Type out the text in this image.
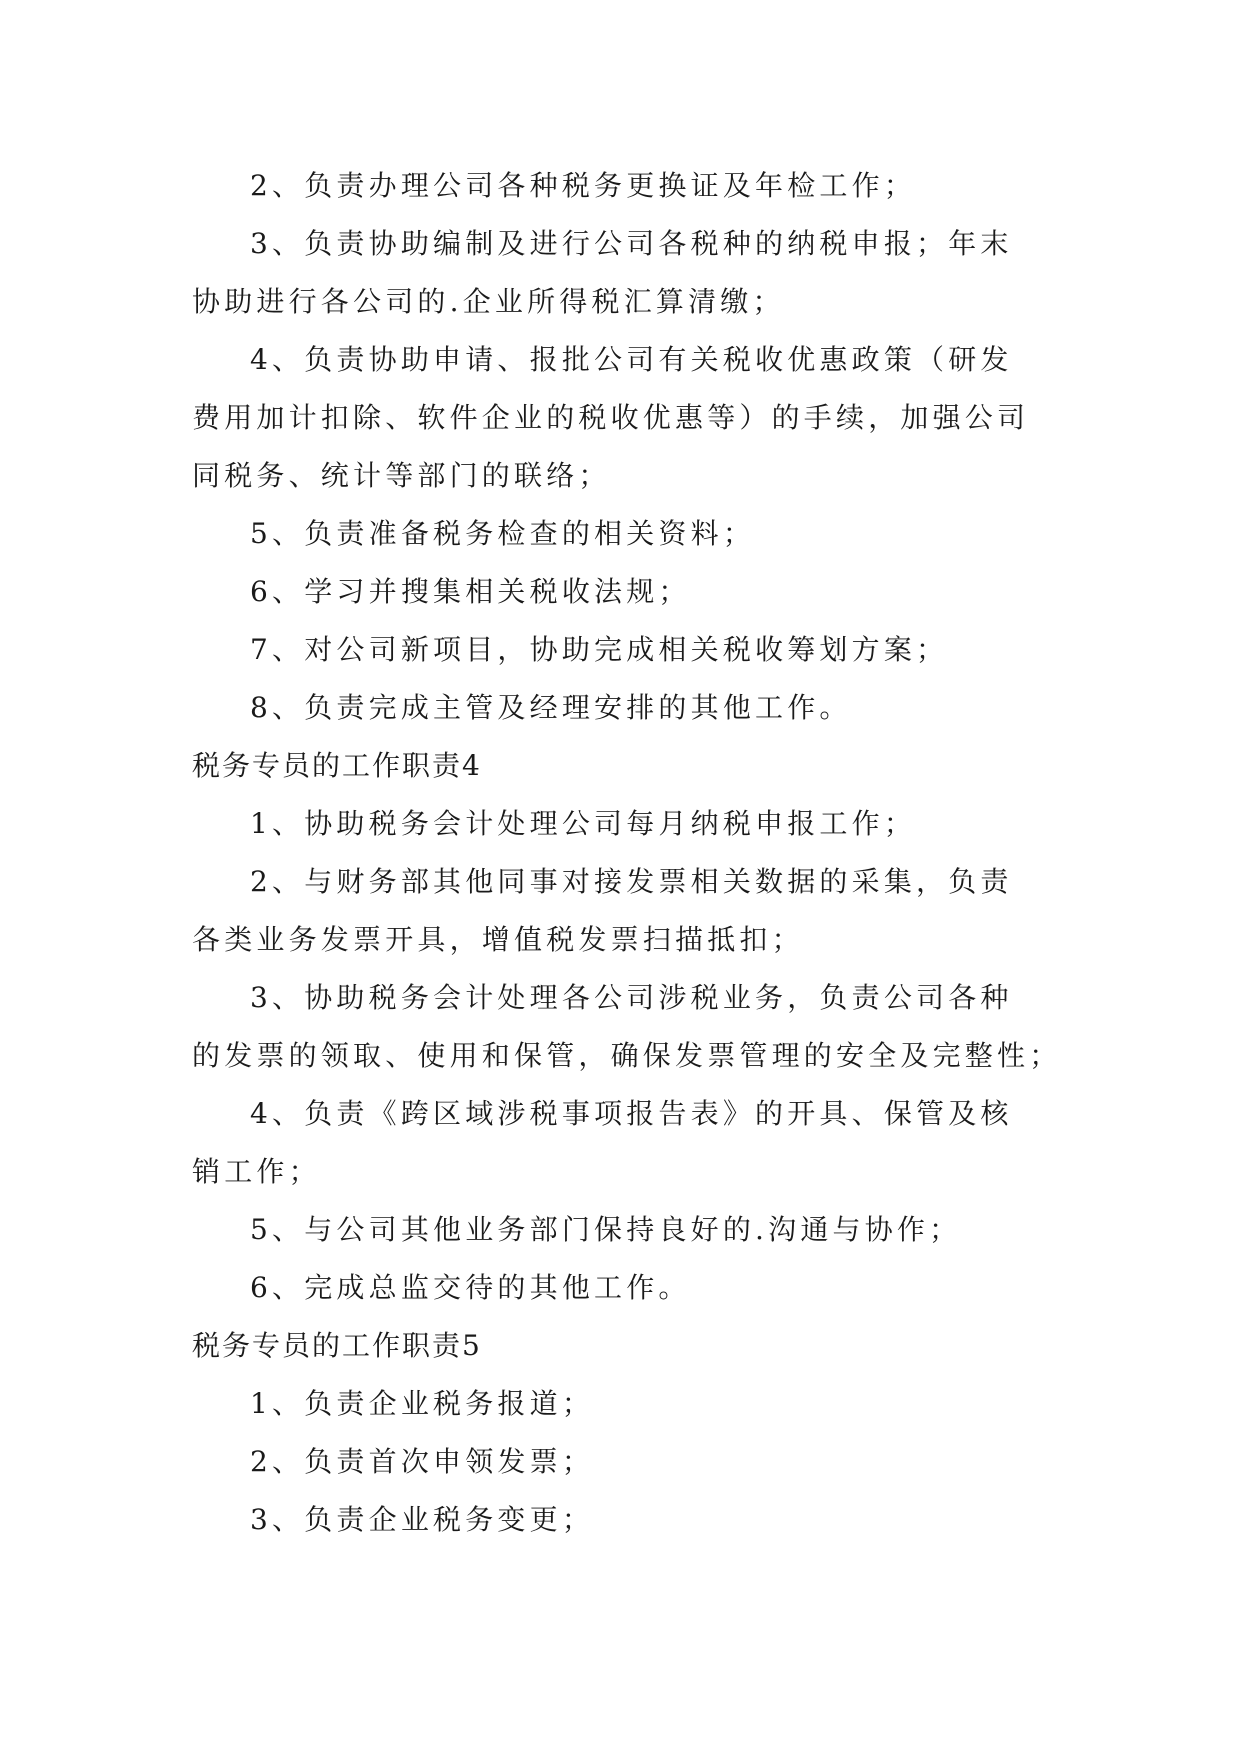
2、负责办理公司各种税务更换证及年检工作；
3、负责协助编制及进行公司各税种的纳税申报；年末
协助进行各公司的.企业所得税汇算清缴；
4、负责协助申请、报批公司有关税收优惠政策（研发
费用加计扣除、软件企业的税收优惠等）的手续，加强公司
同税务、统计等部门的联络；
5、负责准备税务检查的相关资料；
6、学习并搜集相关税收法规；
7、对公司新项目，协助完成相关税收筹划方案；
8、负责完成主管及经理安排的其他工作。
税务专员的工作职责4
1、协助税务会计处理公司每月纳税申报工作；
2、与财务部其他同事对接发票相关数据的采集，负责
各类业务发票开具，增值税发票扫描抵扣；
3、协助税务会计处理各公司涉税业务，负责公司各种
的发票的领取、使用和保管，确保发票管理的安全及完整性；
4、负责《跨区域涉税事项报告表》的开具、保管及核
销工作；
5、与公司其他业务部门保持良好的.沟通与协作；
6、完成总监交待的其他工作。
税务专员的工作职责5
1、负责企业税务报道；
2、负责首次申领发票；
3、负责企业税务变更；
